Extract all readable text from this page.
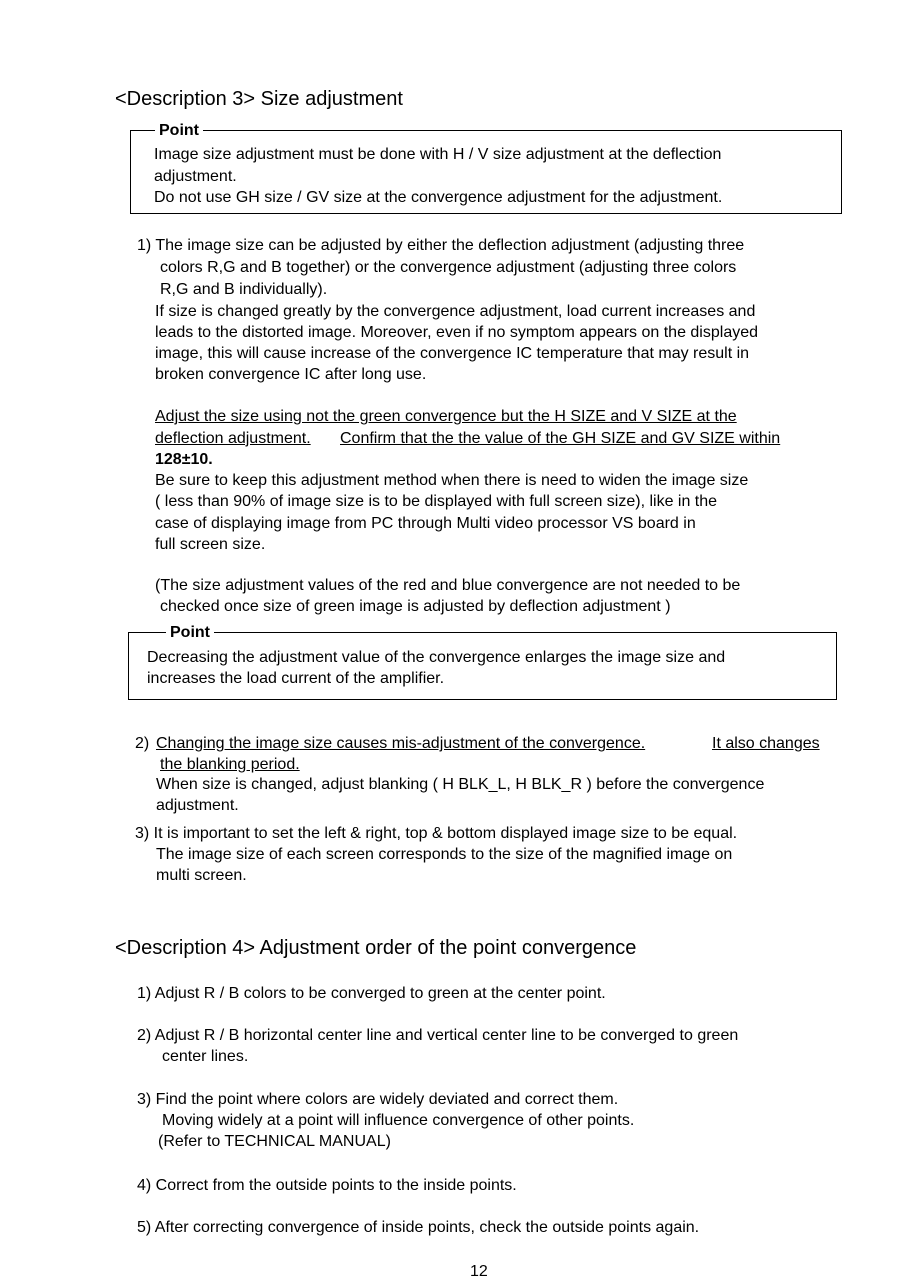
<Description 3> Size adjustment
Point
Image size adjustment must be done with H / V size adjustment at the deflection
adjustment.
Do not use GH size / GV size at the convergence adjustment for the adjustment.
1) The image size can be adjusted by either the deflection adjustment (adjusting three
colors R,G and B together) or the convergence adjustment (adjusting three colors
R,G and B individually).
If size is changed greatly by the convergence adjustment, load current increases and
leads to the distorted image. Moreover, even if no symptom appears on the displayed
image, this will cause increase of the convergence IC temperature that may result in
broken convergence IC after long use.
Adjust the size using not the green convergence but the H SIZE and V SIZE at the
deflection adjustment. Confirm that the the value of the GH SIZE and GV SIZE within
128±10.
Be sure to keep this adjustment method when there is need to widen the image size
( less than 90% of image size is to be displayed with full screen size), like in the
case of displaying image from PC through Multi video processor VS board in
full screen size.
(The size adjustment values of the red and blue convergence are not needed to be
checked once size of green image is adjusted by deflection adjustment )
Point
Decreasing the adjustment value of the convergence enlarges the image size and
increases the load current of the amplifier.
2) Changing the image size causes mis-adjustment of the convergence.	It also changes
the blanking period.
When size is changed, adjust blanking ( H BLK_L, H BLK_R ) before the convergence
adjustment.
3) It is important to set the left & right, top & bottom displayed image size to be equal.
The image size of each screen corresponds to the size of the magnified image on
multi screen.
<Description 4> Adjustment order of the point convergence
1) Adjust R / B colors to be converged to green at the center point.
2) Adjust R / B horizontal center line and vertical center line to be converged to green
center lines.
3) Find the point where colors are widely deviated and correct them.
Moving widely at a point will influence convergence of other points.
(Refer to TECHNICAL MANUAL)
4) Correct from the outside points to the inside points.
5) After correcting convergence of inside points, check the outside points again.
12
